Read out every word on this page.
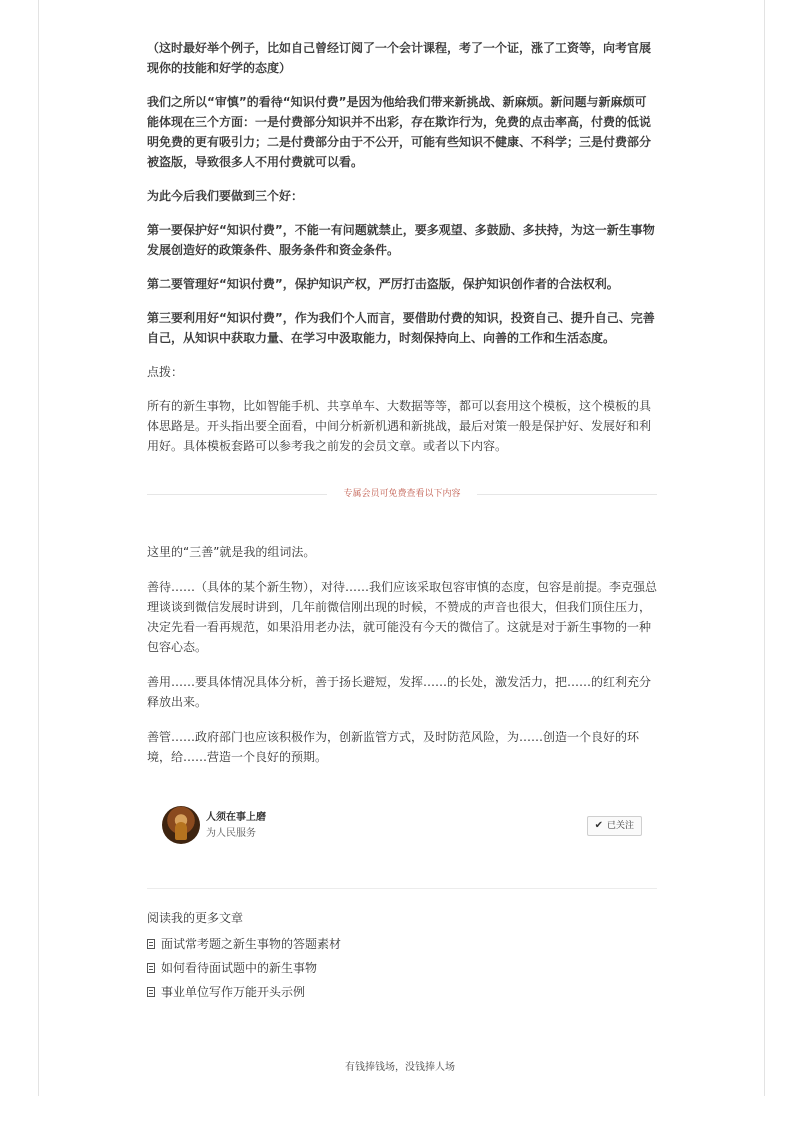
（这时最好举个例子，比如自己曾经订阅了一个会计课程，考了一个证，涨了工资等，向考官展现你的技能和好学的态度）

我们之所以“审慎”的看待“知识付费”是因为他给我们带来新挑战、新麻烦。新问题与新麻烦可能体现在三个方面：一是付费部分知识并不出彩，存在欺诈行为，免费的点击率高，付费的低说明免费的更有吸引力；二是付费部分由于不公开，可能有些知识不健康、不科学；三是付费部分被盗版，导致很多人不用付费就可以看。

为此今后我们要做到三个好：

第一要保护好“知识付费”，不能一有问题就禁止，要多观望、多鼓励、多扶持，为这一新生事物发展创造好的政策条件、服务条件和资金条件。

第二要管理好“知识付费”，保护知识产权，严厉打击盗版，保护知识创作者的合法权利。

第三要利用好“知识付费”，作为我们个人而言，要借助付费的知识，投资自己、提升自己、完善自己，从知识中获取力量、在学习中汲取能力，时刻保持向上、向善的工作和生活态度。

点拨：

所有的新生事物，比如智能手机、共享单车、大数据等等，都可以套用这个模板，这个模板的具体思路是。开头指出要全面看，中间分析新机遇和新挑战，最后对策一般是保护好、发展好和利用好。具体模板套路可以参考我之前发的会员文章。或者以下内容。

专属会员可免费查看以下内容

这里的“三善”就是我的组词法。

善待……（具体的某个新生物），对待……我们应该采取包容审慎的态度，包容是前提。李克强总理谈谈到微信发展时讲到，几年前微信刚出现的时候，不赞成的声音也很大，但我们顶住压力，决定先看一看再规范，如果沿用老办法，就可能没有今天的微信了。这就是对于新生事物的一种包容心态。

善用……要具体情况具体分析，善于扬长避短，发挥……的长处，激发活力，把……的红利充分释放出来。

善管……政府部门也应该积极作为，创新监管方式，及时防范风险，为……创造一个良好的环境，给……营造一个良好的预期。

人须在事上磨
为人民服务
✔ 已关注
阅读我的更多文章
面试常考题之新生事物的答题素材
如何看待面试题中的新生事物
事业单位写作万能开头示例
有钱捧钱场，没钱捧人场
